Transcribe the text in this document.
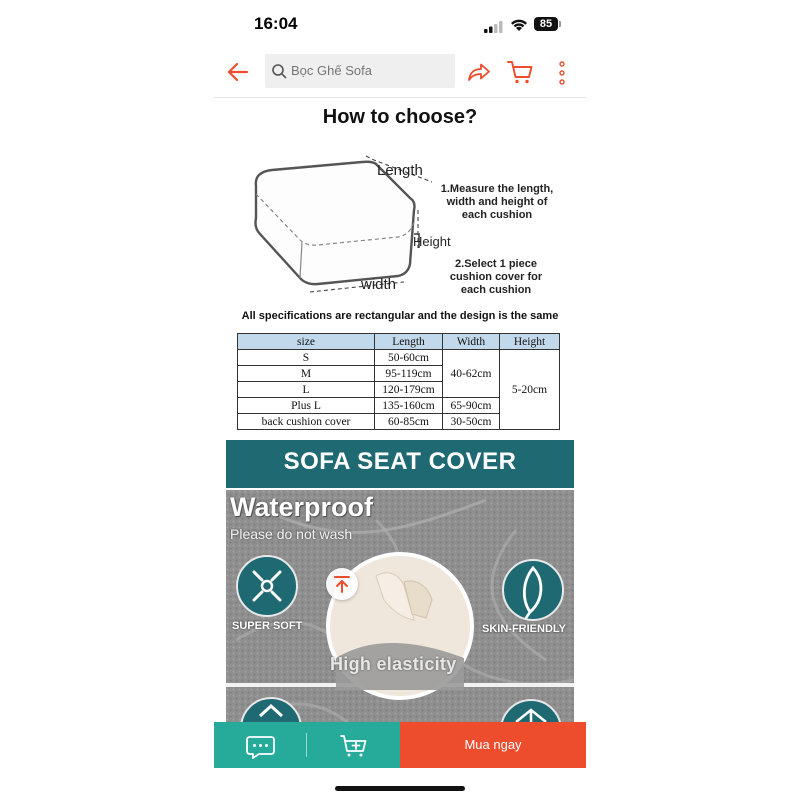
16:04	85
Bọc Ghế Sofa
How to choose?
Length
Height
width
1.Measure the length, width and height of each cushion
2.Select 1 piece cushion cover for each cushion
All specifications are rectangular and the design is the same
size	Length	Width	Height
S	50-60cm	40-62cm	5-20cm
M	95-119cm		
L	120-179cm		
Plus L	135-160cm	65-90cm	
back cushion cover	60-85cm	30-50cm	
SOFA SEAT COVER
Waterproof
Please do not wash
SUPER SOFT	SKIN-FRIENDLY
High elasticity
Mua ngay
